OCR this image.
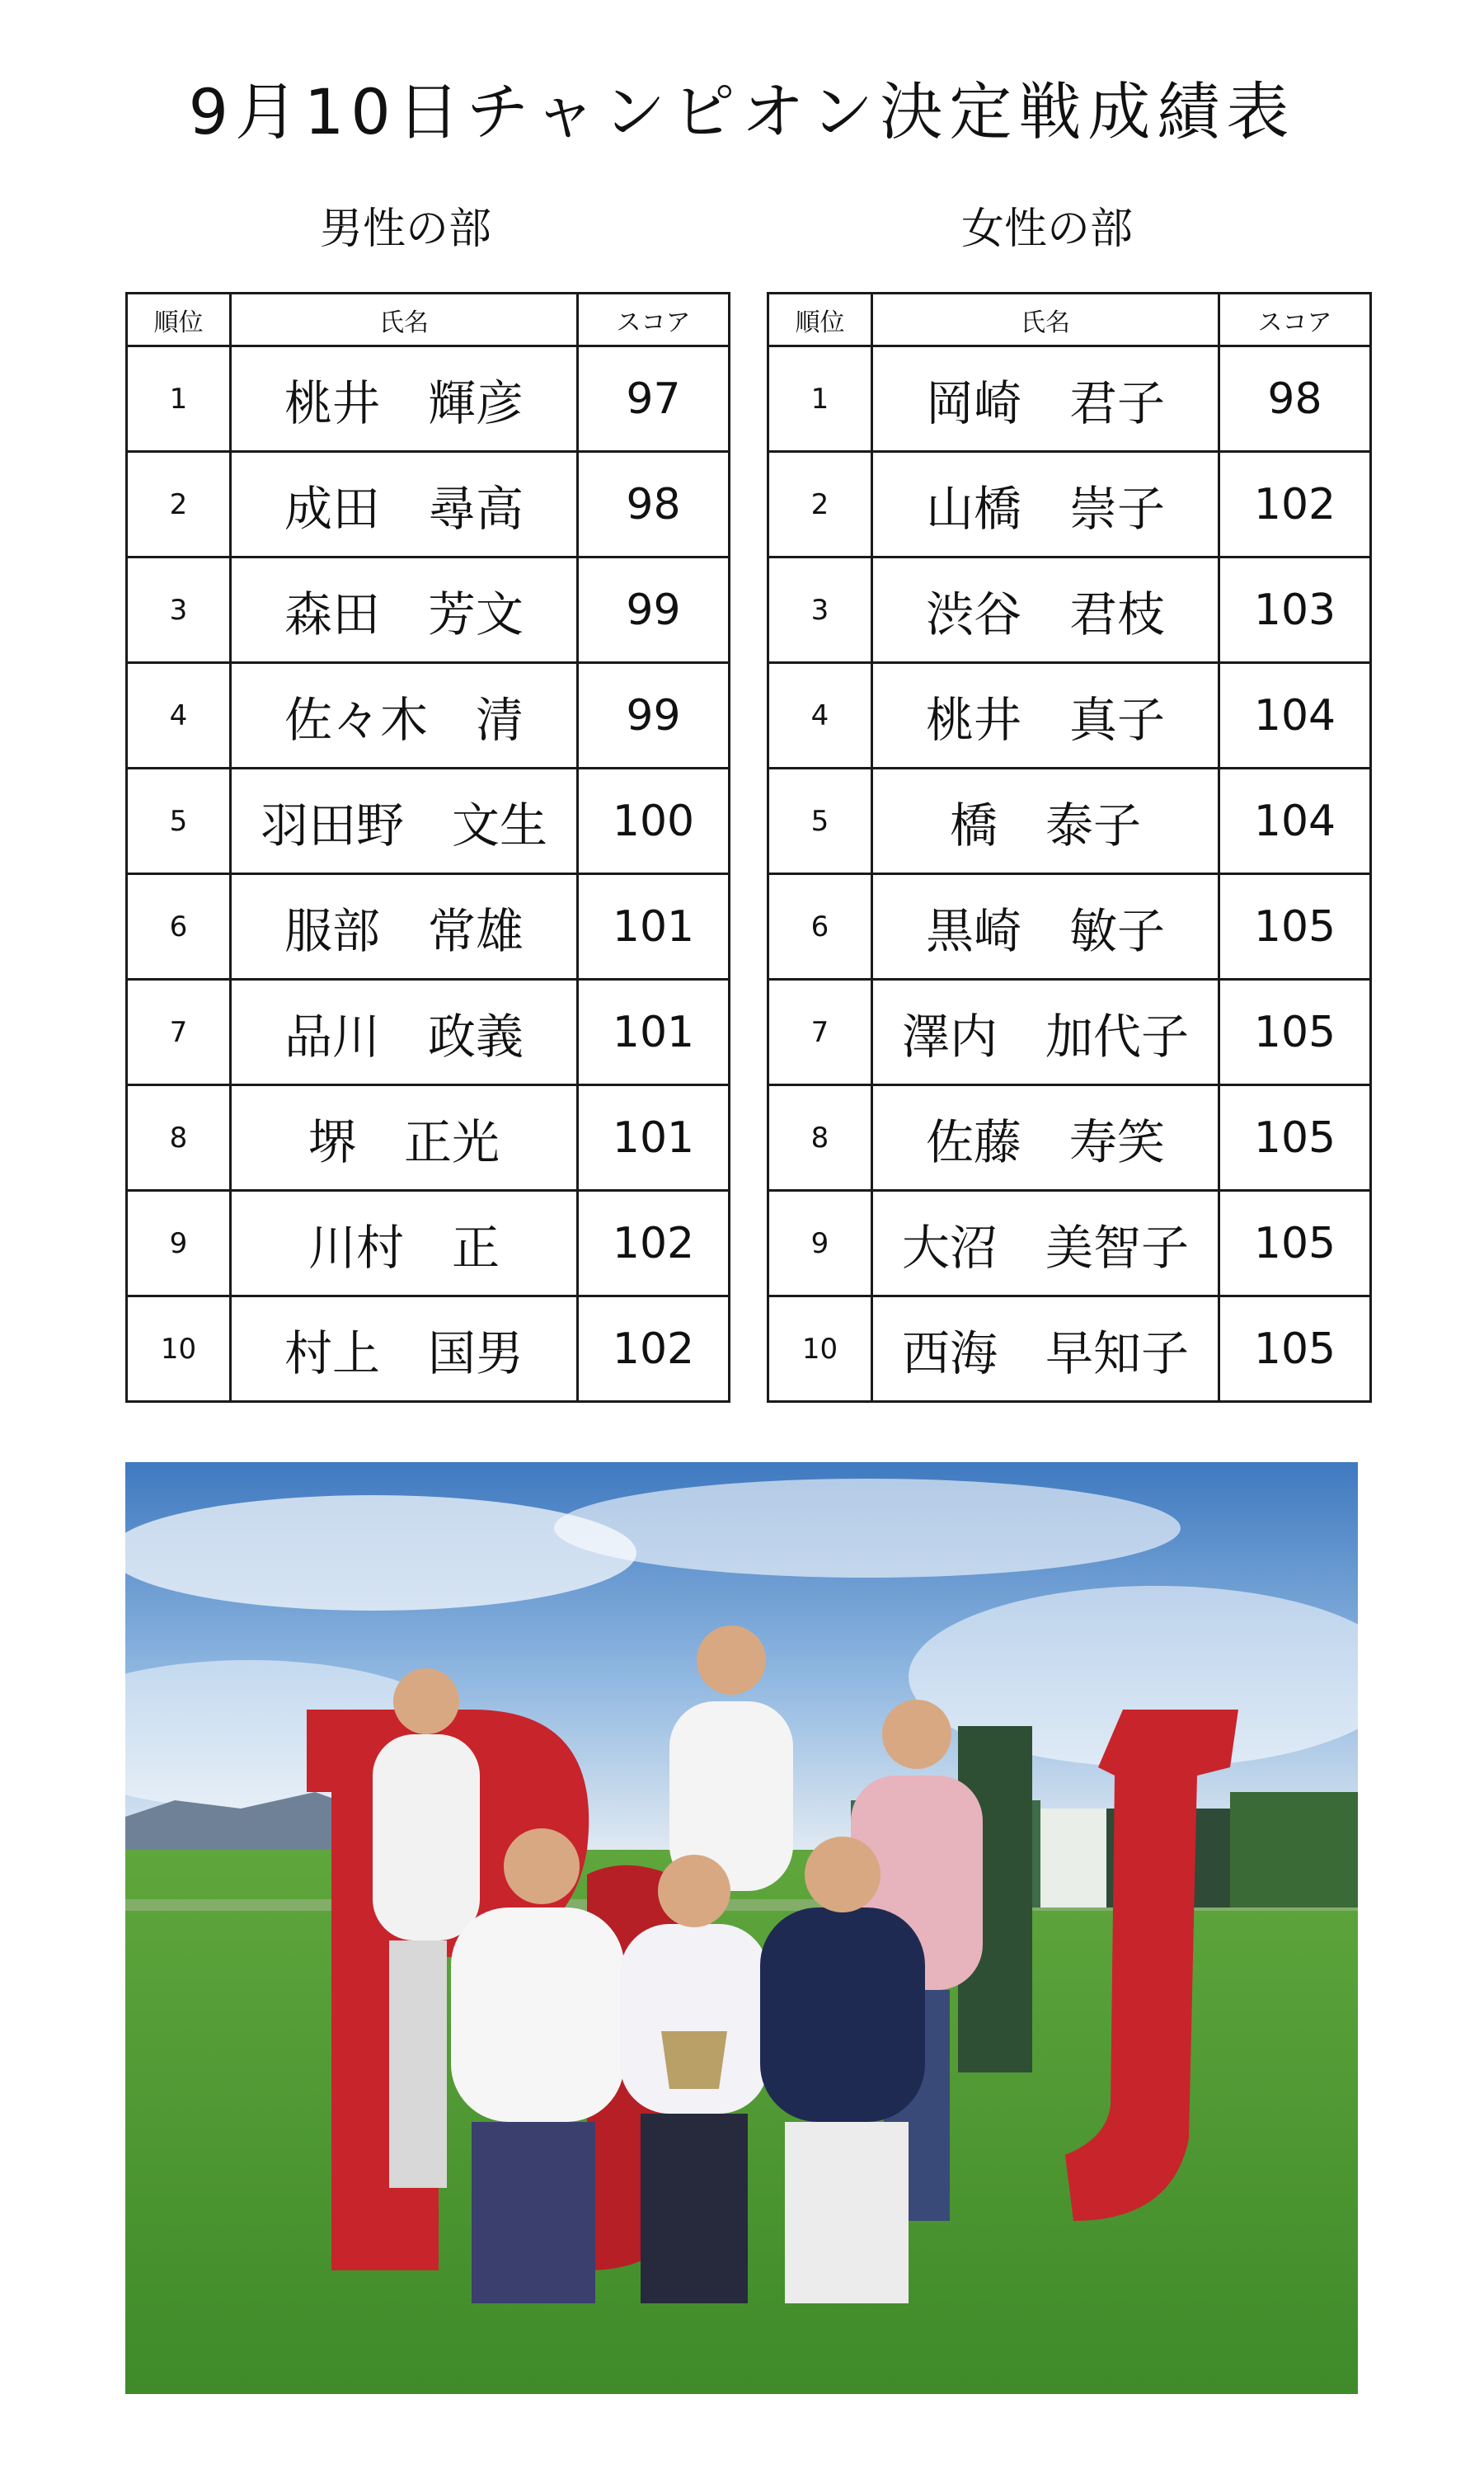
9月10日チャンピオン決定戦成績表
男性の部	女性の部
順位	氏名	スコア
1	桃井　輝彦	97
2	成田　尋高	98
3	森田　芳文	99
4	佐々木　清	99
5	羽田野　文生	100
6	服部　常雄	101
7	品川　政義	101
8	堺　正光	101
9	川村　正	102
10	村上　国男	102
順位	氏名	スコア
1	岡崎　君子	98
2	山橋　崇子	102
3	渋谷　君枝	103
4	桃井　真子	104
5	橋　泰子	104
6	黒崎　敏子	105
7	澤内　加代子	105
8	佐藤　寿笑	105
9	大沼　美智子	105
10	西海　早知子	105
